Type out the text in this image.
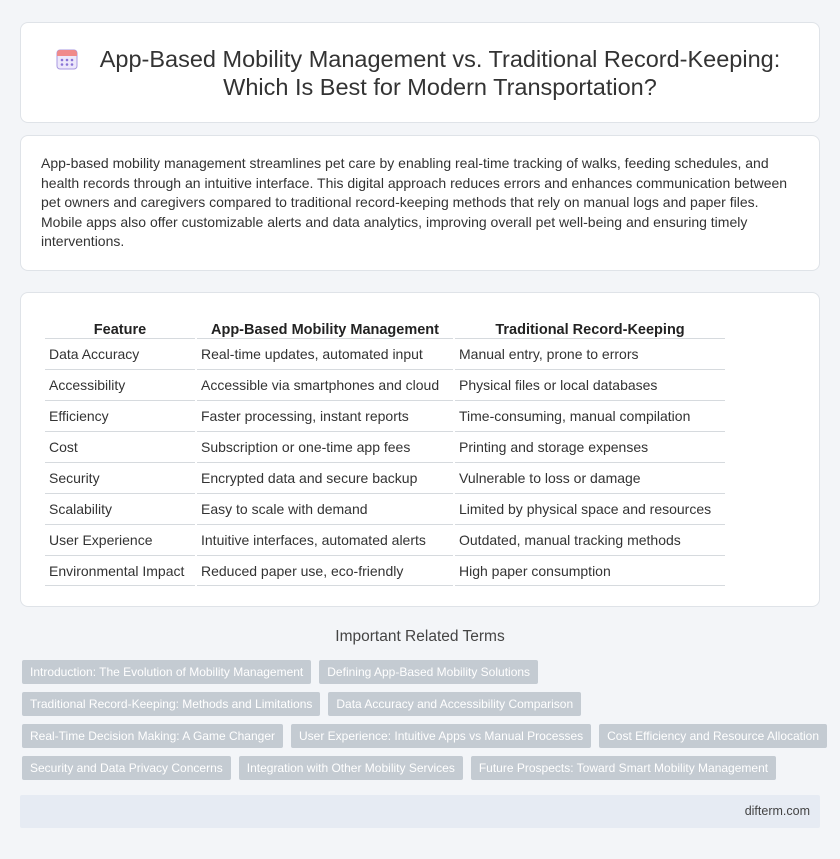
App-Based Mobility Management vs. Traditional Record-Keeping: Which Is Best for Modern Transportation?

App-based mobility management streamlines pet care by enabling real-time tracking of walks, feeding schedules, and health records through an intuitive interface. This digital approach reduces errors and enhances communication between pet owners and caregivers compared to traditional record-keeping methods that rely on manual logs and paper files. Mobile apps also offer customizable alerts and data analytics, improving overall pet well-being and ensuring timely interventions.

Feature	App-Based Mobility Management	Traditional Record-Keeping
Data Accuracy	Real-time updates, automated input	Manual entry, prone to errors
Accessibility	Accessible via smartphones and cloud	Physical files or local databases
Efficiency	Faster processing, instant reports	Time-consuming, manual compilation
Cost	Subscription or one-time app fees	Printing and storage expenses
Security	Encrypted data and secure backup	Vulnerable to loss or damage
Scalability	Easy to scale with demand	Limited by physical space and resources
User Experience	Intuitive interfaces, automated alerts	Outdated, manual tracking methods
Environmental Impact	Reduced paper use, eco-friendly	High paper consumption
Important Related Terms
Introduction: The Evolution of Mobility Management	Defining App-Based Mobility Solutions
Traditional Record-Keeping: Methods and Limitations	Data Accuracy and Accessibility Comparison
Real-Time Decision Making: A Game Changer	User Experience: Intuitive Apps vs Manual Processes	Cost Efficiency and Resource Allocation
Security and Data Privacy Concerns	Integration with Other Mobility Services	Future Prospects: Toward Smart Mobility Management
difterm.com
